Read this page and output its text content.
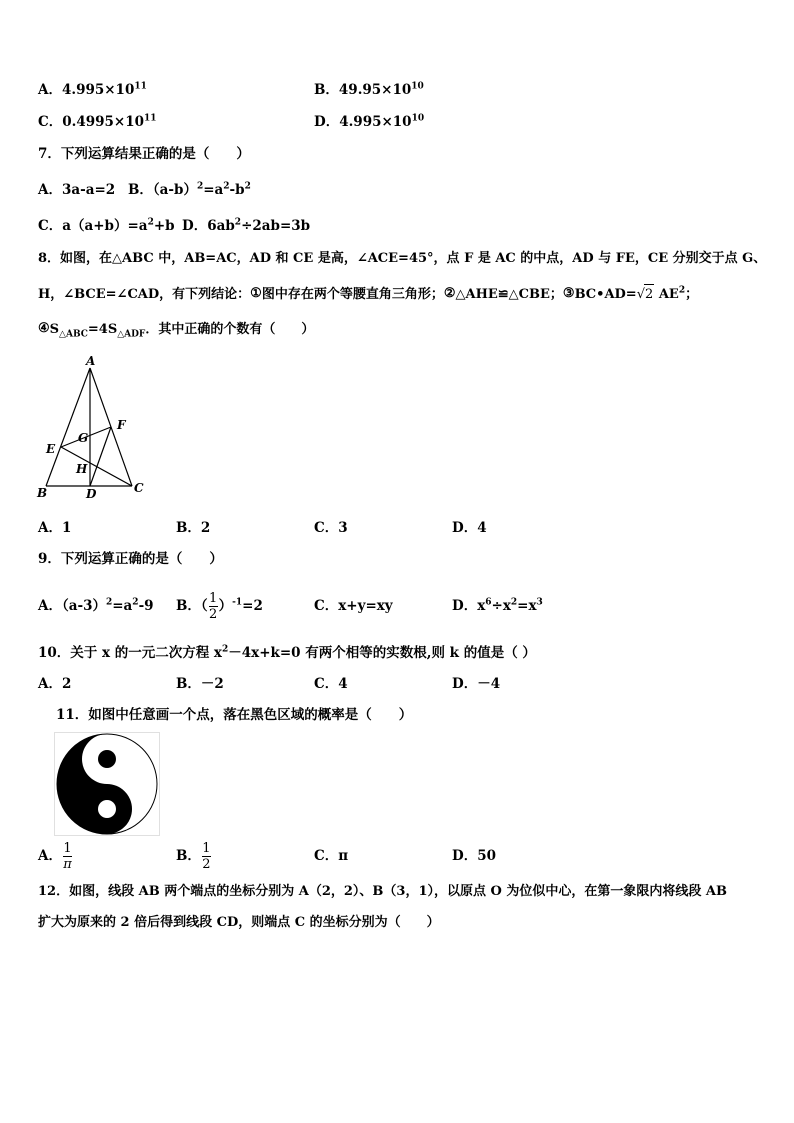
A．$4.995\times 10^{11}$	B．$49.95\times 10^{10}$
C．$0.4995\times 10^{11}$	D．$4.995\times 10^{10}$
7．下列运算结果正确的是（　　）
A．3a-a=2 B．$(a-b)^2=a^2-b^2$
C．$a(a+b)=a^2+b$ D．$6ab^2\div 2ab=3b$
8．如图，在△ABC 中，AB=AC，AD 和 CE 是高，∠ACE=45°，点 F 是 AC 的中点，AD 与 FE，CE 分别交于点 G、
H，∠BCE=∠CAD，有下列结论：①图中存在两个等腰直角三角形；②△AHE≌△CBE；③BC•AD=√2 $AE^2$；
$④S_{\triangle ABC}=4S_{\triangle ADF}$．其中正确的个数有（　　）
A
B	C
D
E
F
G
H
A．1	B．2	C．3	D．4
9．下列运算正确的是（　　）
A．$(a-3)^2=a^2-9$ B．（ $\frac{1}{2} )^{-1}=2$	C．x+y=xy	D．$x^6\div x^2=x^3$
10．关于 x 的一元二次方程 $x^2-4x+k=0$ 有两个相等的实数根,则 k 的值是（ ）
A．2	B．－2	C．4	D．－4
11．如图中任意画一个点，落在黑色区域的概率是（　　）
A． $\frac{1}{\pi}$	B． $\frac{1}{2}$	C．π	D．50
12．如图，线段 AB 两个端点的坐标分别为 A（2，2）、B（3，1），以原点 O 为位似中心，在第一象限内将线段 AB
扩大为原来的 2 倍后得到线段 CD，则端点 C 的坐标分别为（　　）
